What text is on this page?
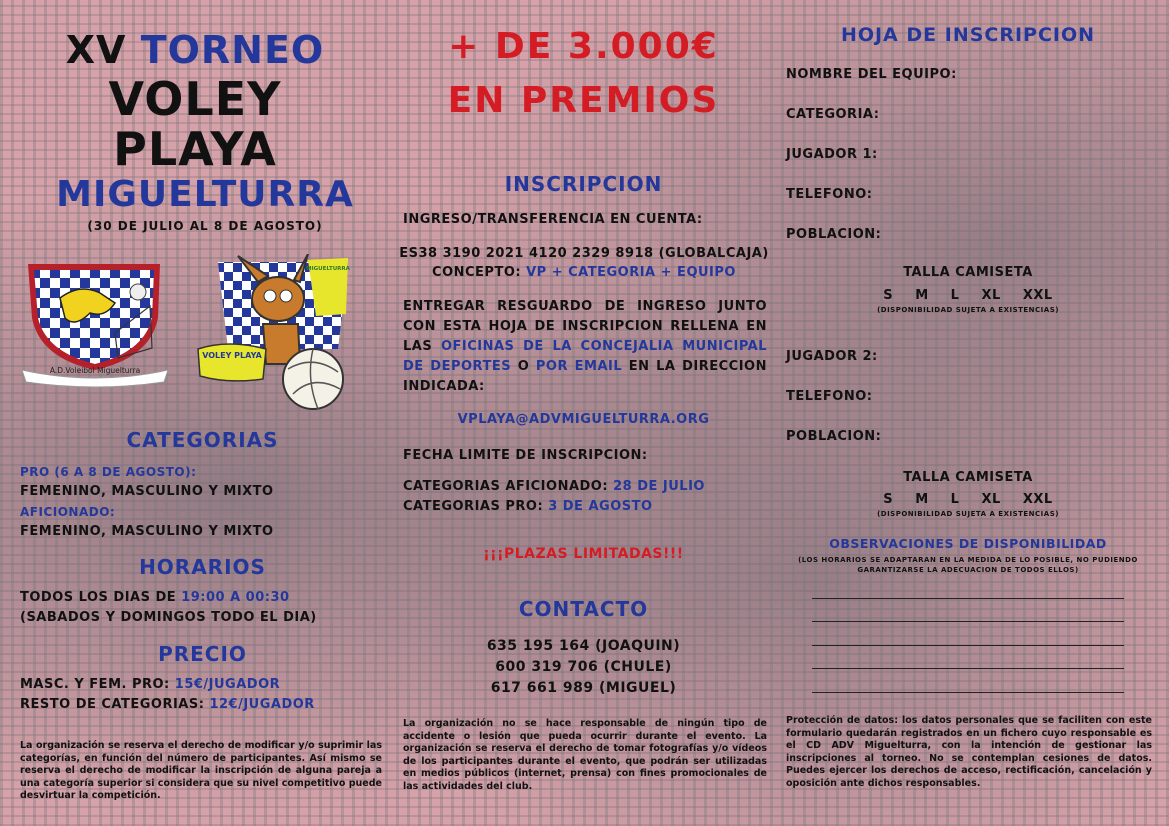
XV TORNEO
VOLEY
PLAYA
MIGUELTURRA
(30 DE JULIO AL 8 DE AGOSTO)
A.D.Voleibol Miguelturra
VOLEY PLAYA
MIGUELTURRA
CATEGORIAS
PRO (6 A 8 DE AGOSTO):
FEMENINO, MASCULINO Y MIXTO
AFICIONADO:
FEMENINO, MASCULINO Y MIXTO
HORARIOS
TODOS LOS DIAS DE 19:00 A 00:30
(SABADOS Y DOMINGOS TODO EL DIA)
PRECIO
MASC. Y FEM. PRO: 15€/JUGADOR
RESTO DE CATEGORIAS: 12€/JUGADOR
La organización se reserva el derecho de modificar y/o suprimir las categorías, en función del número de participantes. Así mismo se reserva el derecho de modificar la inscripción de alguna pareja a una categoría superior si considera que su nivel competitivo puede desvirtuar la competición.
+ DE 3.000€
EN PREMIOS
INSCRIPCION
INGRESO/TRANSFERENCIA EN CUENTA:
ES38 3190 2021 4120 2329 8918 (GLOBALCAJA)
CONCEPTO: VP + CATEGORIA + EQUIPO
ENTREGAR RESGUARDO DE INGRESO JUNTO CON ESTA HOJA DE INSCRIPCION RELLENA EN LAS OFICINAS DE LA CONCEJALIA MUNICIPAL DE DEPORTES O POR EMAIL EN LA DIRECCION INDICADA:
VPLAYA@ADVMIGUELTURRA.ORG
FECHA LIMITE DE INSCRIPCION:
CATEGORIAS AFICIONADO: 28 DE JULIO
CATEGORIAS PRO: 3 DE AGOSTO
¡¡¡PLAZAS LIMITADAS!!!
CONTACTO
635 195 164 (JOAQUIN)
600 319 706 (CHULE)
617 661 989 (MIGUEL)
La organización no se hace responsable de ningún tipo de accidente o lesión que pueda ocurrir durante el evento. La organización se reserva el derecho de tomar fotografías y/o vídeos de los participantes durante el evento, que podrán ser utilizadas en medios públicos (internet, prensa) con fines promocionales de las actividades del club.
HOJA DE INSCRIPCION
NOMBRE DEL EQUIPO:
CATEGORIA:
JUGADOR 1:
TELEFONO:
POBLACION:
TALLA CAMISETA
S  M  L  XL  XXL
(DISPONIBILIDAD SUJETA A EXISTENCIAS)
JUGADOR 2:
TELEFONO:
POBLACION:
TALLA CAMISETA
S  M  L  XL  XXL
(DISPONIBILIDAD SUJETA A EXISTENCIAS)
OBSERVACIONES DE DISPONIBILIDAD
(LOS HORARIOS SE ADAPTARAN EN LA MEDIDA DE LO POSIBLE, NO PUDIENDO
GARANTIZARSE LA ADECUACION DE TODOS ELLOS)
Protección de datos: los datos personales que se faciliten con este formulario quedarán registrados en un fichero cuyo responsable es el CD ADV Miguelturra, con la intención de gestionar las inscripciones al torneo. No se contemplan cesiones de datos. Puedes ejercer los derechos de acceso, rectificación, cancelación y oposición ante dichos responsables.
